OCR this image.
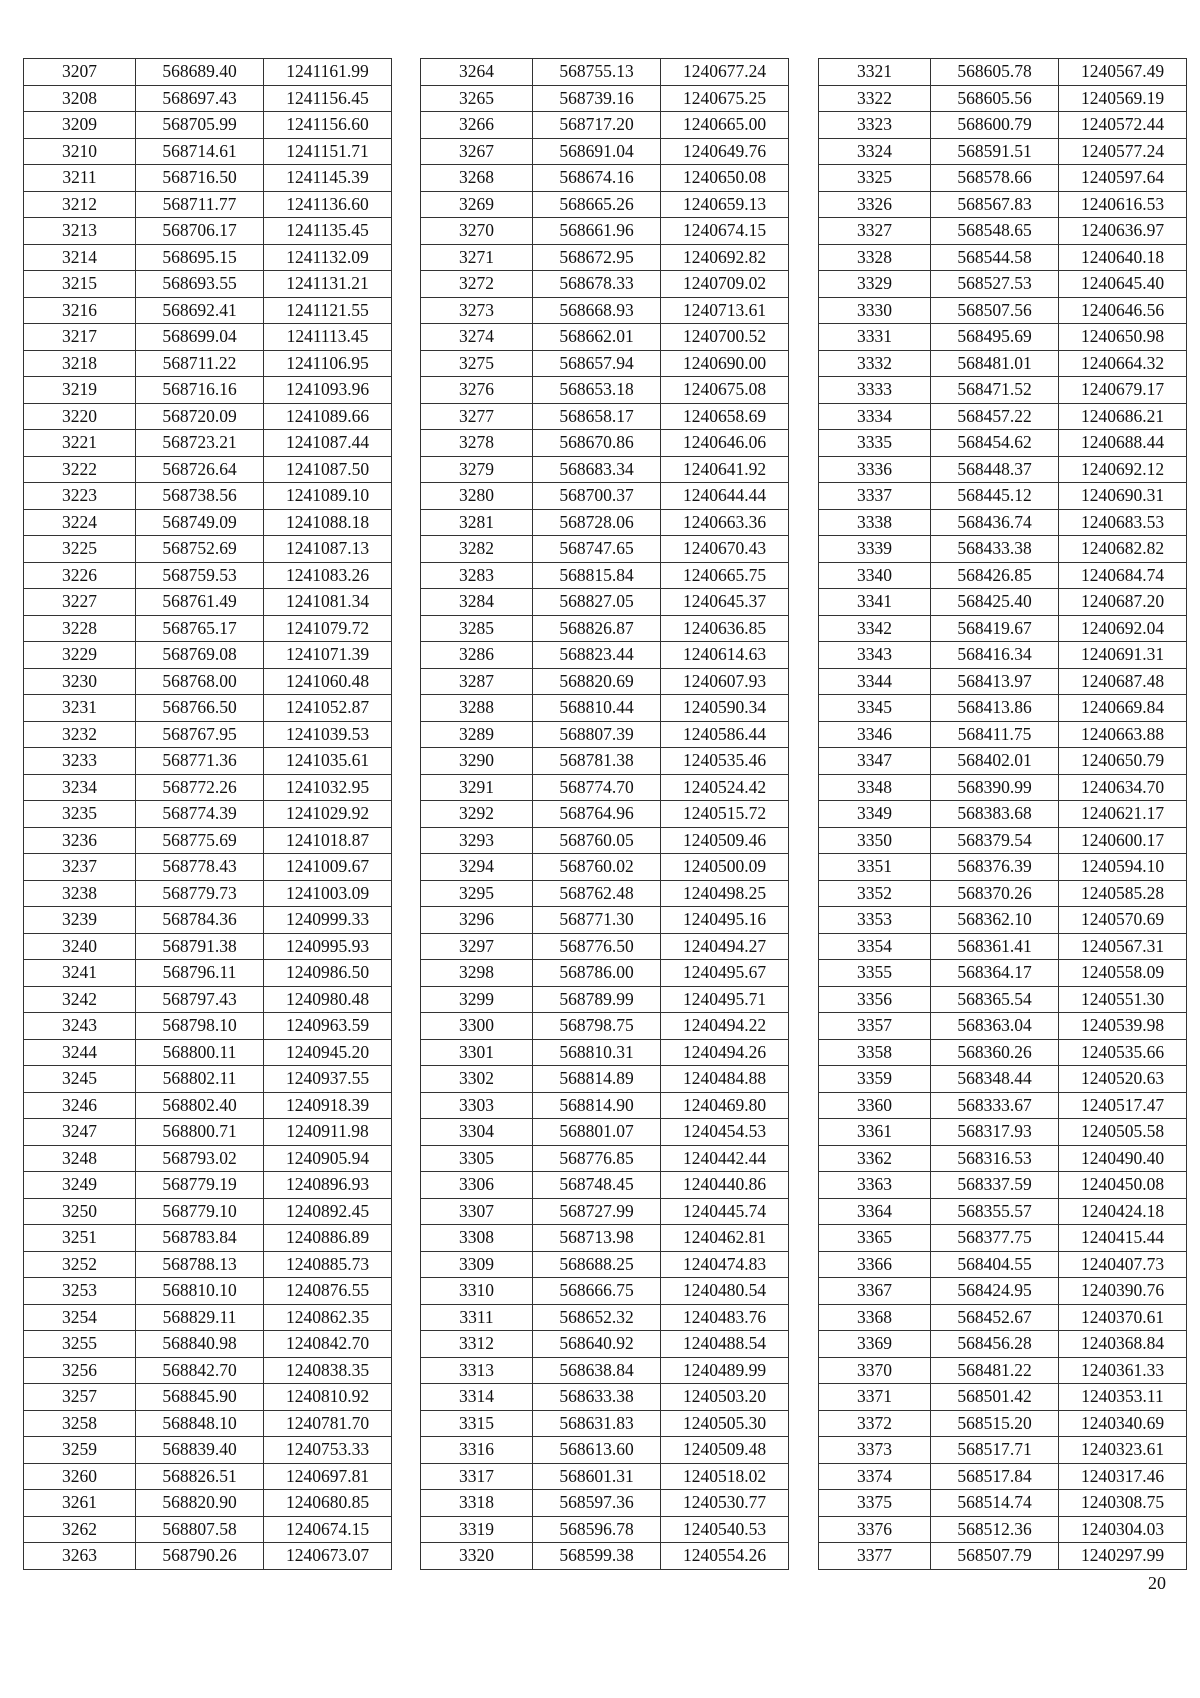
3207	568689.40	1241161.99
3208	568697.43	1241156.45
3209	568705.99	1241156.60
3210	568714.61	1241151.71
3211	568716.50	1241145.39
3212	568711.77	1241136.60
3213	568706.17	1241135.45
3214	568695.15	1241132.09
3215	568693.55	1241131.21
3216	568692.41	1241121.55
3217	568699.04	1241113.45
3218	568711.22	1241106.95
3219	568716.16	1241093.96
3220	568720.09	1241089.66
3221	568723.21	1241087.44
3222	568726.64	1241087.50
3223	568738.56	1241089.10
3224	568749.09	1241088.18
3225	568752.69	1241087.13
3226	568759.53	1241083.26
3227	568761.49	1241081.34
3228	568765.17	1241079.72
3229	568769.08	1241071.39
3230	568768.00	1241060.48
3231	568766.50	1241052.87
3232	568767.95	1241039.53
3233	568771.36	1241035.61
3234	568772.26	1241032.95
3235	568774.39	1241029.92
3236	568775.69	1241018.87
3237	568778.43	1241009.67
3238	568779.73	1241003.09
3239	568784.36	1240999.33
3240	568791.38	1240995.93
3241	568796.11	1240986.50
3242	568797.43	1240980.48
3243	568798.10	1240963.59
3244	568800.11	1240945.20
3245	568802.11	1240937.55
3246	568802.40	1240918.39
3247	568800.71	1240911.98
3248	568793.02	1240905.94
3249	568779.19	1240896.93
3250	568779.10	1240892.45
3251	568783.84	1240886.89
3252	568788.13	1240885.73
3253	568810.10	1240876.55
3254	568829.11	1240862.35
3255	568840.98	1240842.70
3256	568842.70	1240838.35
3257	568845.90	1240810.92
3258	568848.10	1240781.70
3259	568839.40	1240753.33
3260	568826.51	1240697.81
3261	568820.90	1240680.85
3262	568807.58	1240674.15
3263	568790.26	1240673.07
3264	568755.13	1240677.24
3265	568739.16	1240675.25
3266	568717.20	1240665.00
3267	568691.04	1240649.76
3268	568674.16	1240650.08
3269	568665.26	1240659.13
3270	568661.96	1240674.15
3271	568672.95	1240692.82
3272	568678.33	1240709.02
3273	568668.93	1240713.61
3274	568662.01	1240700.52
3275	568657.94	1240690.00
3276	568653.18	1240675.08
3277	568658.17	1240658.69
3278	568670.86	1240646.06
3279	568683.34	1240641.92
3280	568700.37	1240644.44
3281	568728.06	1240663.36
3282	568747.65	1240670.43
3283	568815.84	1240665.75
3284	568827.05	1240645.37
3285	568826.87	1240636.85
3286	568823.44	1240614.63
3287	568820.69	1240607.93
3288	568810.44	1240590.34
3289	568807.39	1240586.44
3290	568781.38	1240535.46
3291	568774.70	1240524.42
3292	568764.96	1240515.72
3293	568760.05	1240509.46
3294	568760.02	1240500.09
3295	568762.48	1240498.25
3296	568771.30	1240495.16
3297	568776.50	1240494.27
3298	568786.00	1240495.67
3299	568789.99	1240495.71
3300	568798.75	1240494.22
3301	568810.31	1240494.26
3302	568814.89	1240484.88
3303	568814.90	1240469.80
3304	568801.07	1240454.53
3305	568776.85	1240442.44
3306	568748.45	1240440.86
3307	568727.99	1240445.74
3308	568713.98	1240462.81
3309	568688.25	1240474.83
3310	568666.75	1240480.54
3311	568652.32	1240483.76
3312	568640.92	1240488.54
3313	568638.84	1240489.99
3314	568633.38	1240503.20
3315	568631.83	1240505.30
3316	568613.60	1240509.48
3317	568601.31	1240518.02
3318	568597.36	1240530.77
3319	568596.78	1240540.53
3320	568599.38	1240554.26
3321	568605.78	1240567.49
3322	568605.56	1240569.19
3323	568600.79	1240572.44
3324	568591.51	1240577.24
3325	568578.66	1240597.64
3326	568567.83	1240616.53
3327	568548.65	1240636.97
3328	568544.58	1240640.18
3329	568527.53	1240645.40
3330	568507.56	1240646.56
3331	568495.69	1240650.98
3332	568481.01	1240664.32
3333	568471.52	1240679.17
3334	568457.22	1240686.21
3335	568454.62	1240688.44
3336	568448.37	1240692.12
3337	568445.12	1240690.31
3338	568436.74	1240683.53
3339	568433.38	1240682.82
3340	568426.85	1240684.74
3341	568425.40	1240687.20
3342	568419.67	1240692.04
3343	568416.34	1240691.31
3344	568413.97	1240687.48
3345	568413.86	1240669.84
3346	568411.75	1240663.88
3347	568402.01	1240650.79
3348	568390.99	1240634.70
3349	568383.68	1240621.17
3350	568379.54	1240600.17
3351	568376.39	1240594.10
3352	568370.26	1240585.28
3353	568362.10	1240570.69
3354	568361.41	1240567.31
3355	568364.17	1240558.09
3356	568365.54	1240551.30
3357	568363.04	1240539.98
3358	568360.26	1240535.66
3359	568348.44	1240520.63
3360	568333.67	1240517.47
3361	568317.93	1240505.58
3362	568316.53	1240490.40
3363	568337.59	1240450.08
3364	568355.57	1240424.18
3365	568377.75	1240415.44
3366	568404.55	1240407.73
3367	568424.95	1240390.76
3368	568452.67	1240370.61
3369	568456.28	1240368.84
3370	568481.22	1240361.33
3371	568501.42	1240353.11
3372	568515.20	1240340.69
3373	568517.71	1240323.61
3374	568517.84	1240317.46
3375	568514.74	1240308.75
3376	568512.36	1240304.03
3377	568507.79	1240297.99
20
